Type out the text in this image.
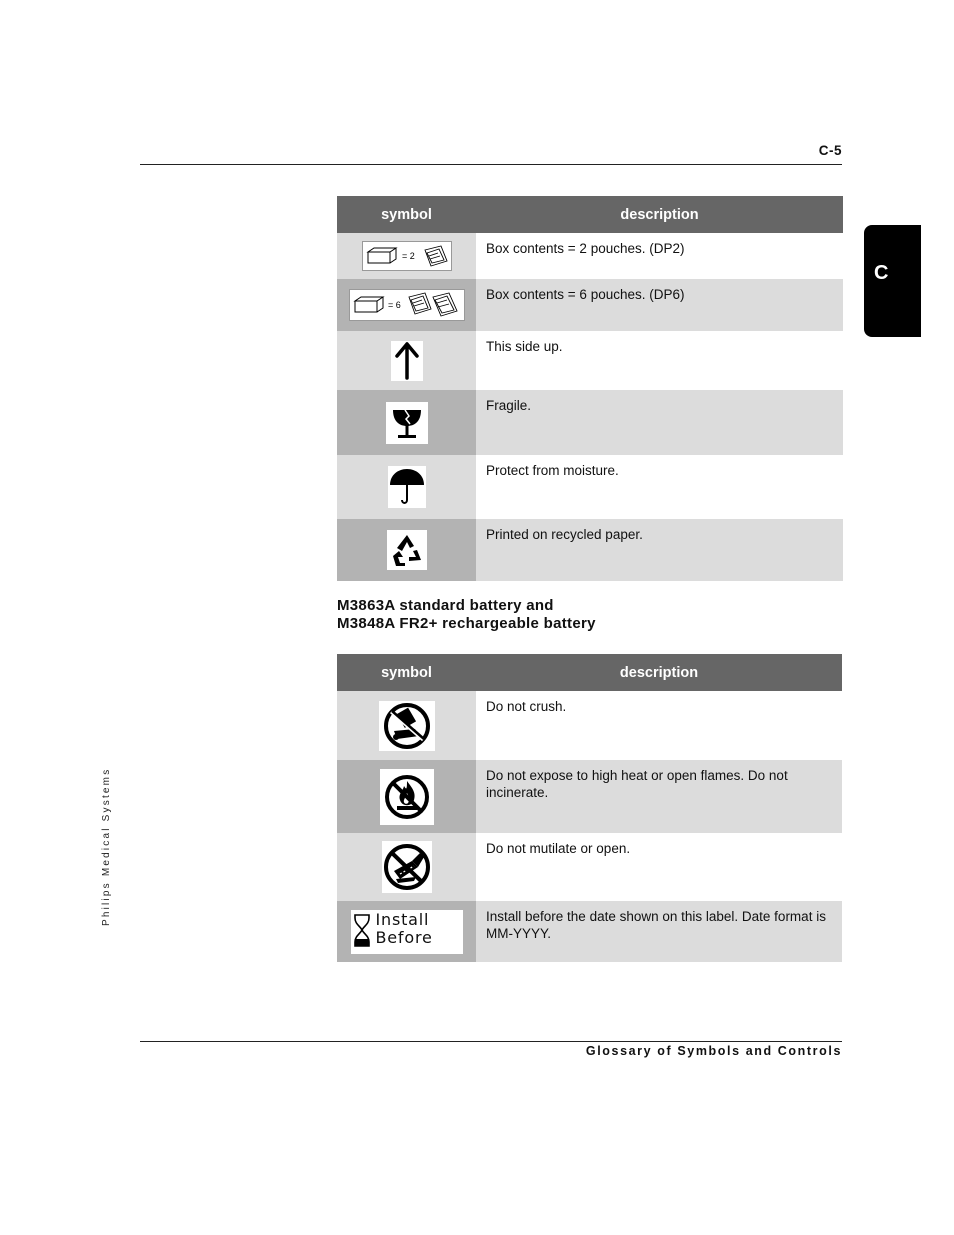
C-5
C
Philips Medical Systems
symbol	description

= 2	Box contents = 2 pouches. (DP2)

= 6	Box contents = 6 pouches. (DP6)

	This side up.

	Fragile.

	Protect from moisture.

	Printed on recycled paper.
M3863A standard battery and
M3848A FR2+ rechargeable battery
symbol	description

	Do not crush.

	Do not expose to high heat or open flames. Do not incinerate.

	Do not mutilate or open.

Install
Before	Install before the date shown on this label. Date format is MM-YYYY.
Glossary of Symbols and Controls
